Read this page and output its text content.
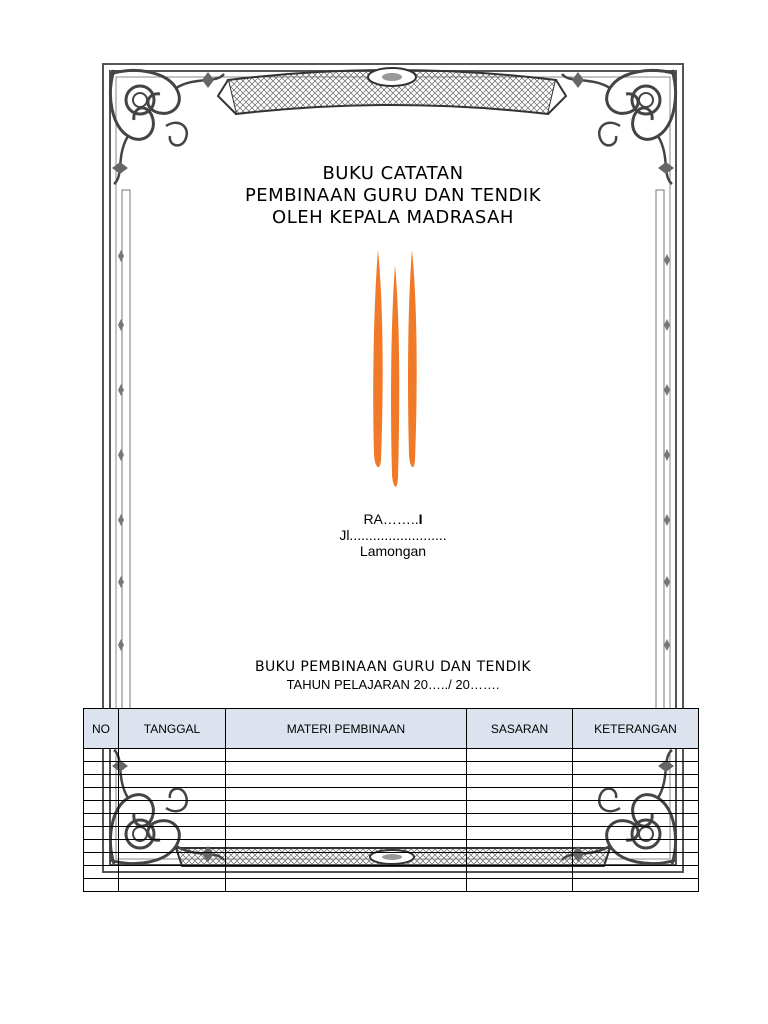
BUKU CATATAN
PEMBINAAN GURU DAN TENDIK
OLEH KEPALA MADRASAH
RA……..I
Jl.........................
Lamongan
BUKU PEMBINAAN GURU DAN TENDIK
TAHUN PELAJARAN 20…../ 20…….
NO	TANGGAL	MATERI PEMBINAAN	SASARAN	KETERANGAN
